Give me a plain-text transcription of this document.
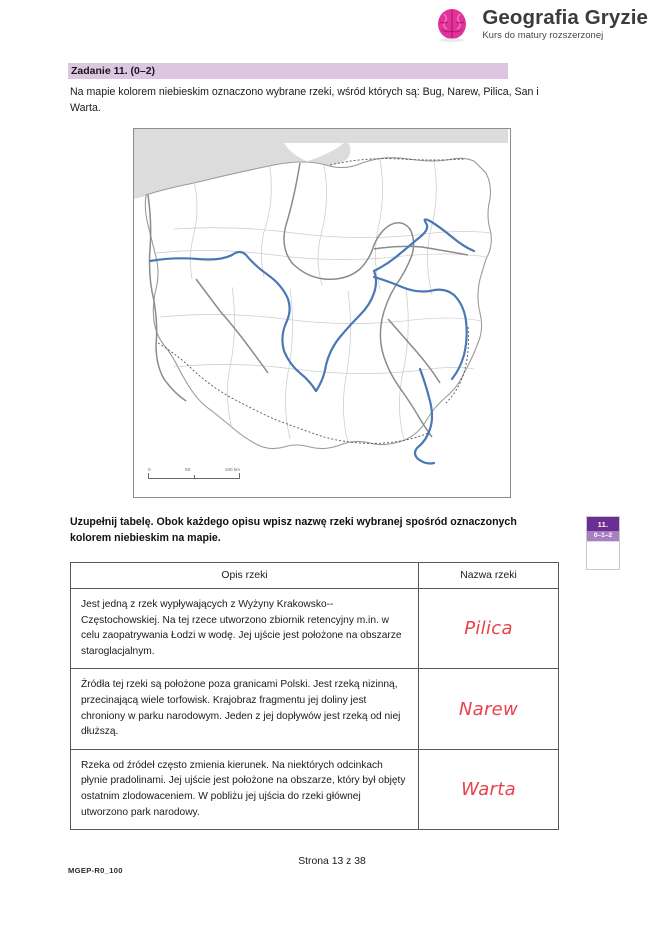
Geografia Gryzie
Kurs do matury rozszerzonej
Zadanie 11. (0–2)
Na mapie kolorem niebieskim oznaczono wybrane rzeki, wśród których są: Bug, Narew, Pilica, San i Warta.
0	50	100 km
Uzupełnij tabelę. Obok każdego opisu wpisz nazwę rzeki wybranej spośród oznaczonych kolorem niebieskim na mapie.
11.
0–1–2
Opis rzeki	Nazwa rzeki
Jest jedną z rzek wypływających z Wyżyny Krakowsko--Częstochowskiej. Na tej rzece utworzono zbiornik retencyjny m.in. w celu zaopatrywania Łodzi w wodę. Jej ujście jest położone na obszarze staroglacjalnym.	Pilica
Źródła tej rzeki są położone poza granicami Polski. Jest rzeką nizinną, przecinającą wiele torfowisk. Krajobraz fragmentu jej doliny jest chroniony w parku narodowym. Jeden z jej dopływów jest rzeką od niej dłuższą.	Narew
Rzeka od źródeł często zmienia kierunek. Na niektórych odcinkach płynie pradolinami. Jej ujście jest położone na obszarze, który był objęty ostatnim zlodowaceniem. W pobliżu jej ujścia do rzeki głównej utworzono park narodowy.	Warta
MGEP-R0_100
Strona 13 z 38
